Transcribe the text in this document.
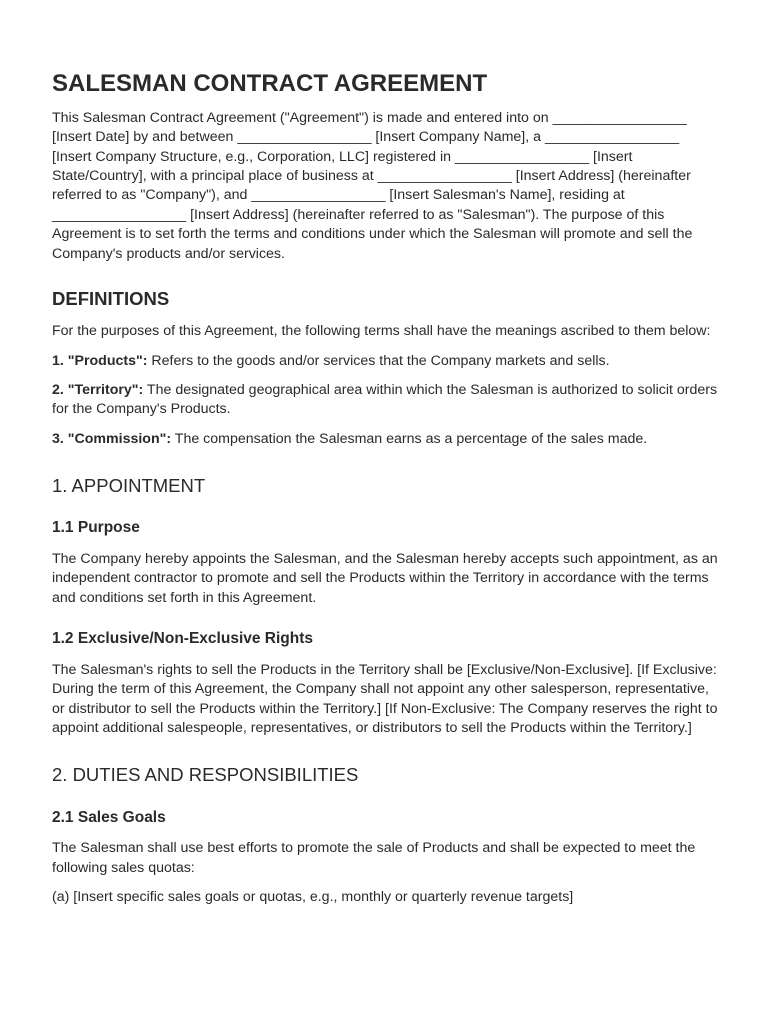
SALESMAN CONTRACT AGREEMENT

This Salesman Contract Agreement ("Agreement") is made and entered into on _________________ [Insert Date] by and between _________________ [Insert Company Name], a _________________ [Insert Company Structure, e.g., Corporation, LLC] registered in _________________ [Insert State/Country], with a principal place of business at _________________ [Insert Address] (hereinafter referred to as "Company"), and _________________ [Insert Salesman's Name], residing at _________________ [Insert Address] (hereinafter referred to as "Salesman"). The purpose of this Agreement is to set forth the terms and conditions under which the Salesman will promote and sell the Company's products and/or services.

DEFINITIONS

For the purposes of this Agreement, the following terms shall have the meanings ascribed to them below:

1. "Products": Refers to the goods and/or services that the Company markets and sells.

2. "Territory": The designated geographical area within which the Salesman is authorized to solicit orders for the Company's Products.

3. "Commission": The compensation the Salesman earns as a percentage of the sales made.

1. APPOINTMENT
1.1 Purpose

The Company hereby appoints the Salesman, and the Salesman hereby accepts such appointment, as an independent contractor to promote and sell the Products within the Territory in accordance with the terms and conditions set forth in this Agreement.

1.2 Exclusive/Non-Exclusive Rights

The Salesman's rights to sell the Products in the Territory shall be [Exclusive/Non-Exclusive]. [If Exclusive: During the term of this Agreement, the Company shall not appoint any other salesperson, representative, or distributor to sell the Products within the Territory.] [If Non-Exclusive: The Company reserves the right to appoint additional salespeople, representatives, or distributors to sell the Products within the Territory.]

2. DUTIES AND RESPONSIBILITIES
2.1 Sales Goals

The Salesman shall use best efforts to promote the sale of Products and shall be expected to meet the following sales quotas:

(a) [Insert specific sales goals or quotas, e.g., monthly or quarterly revenue targets]
